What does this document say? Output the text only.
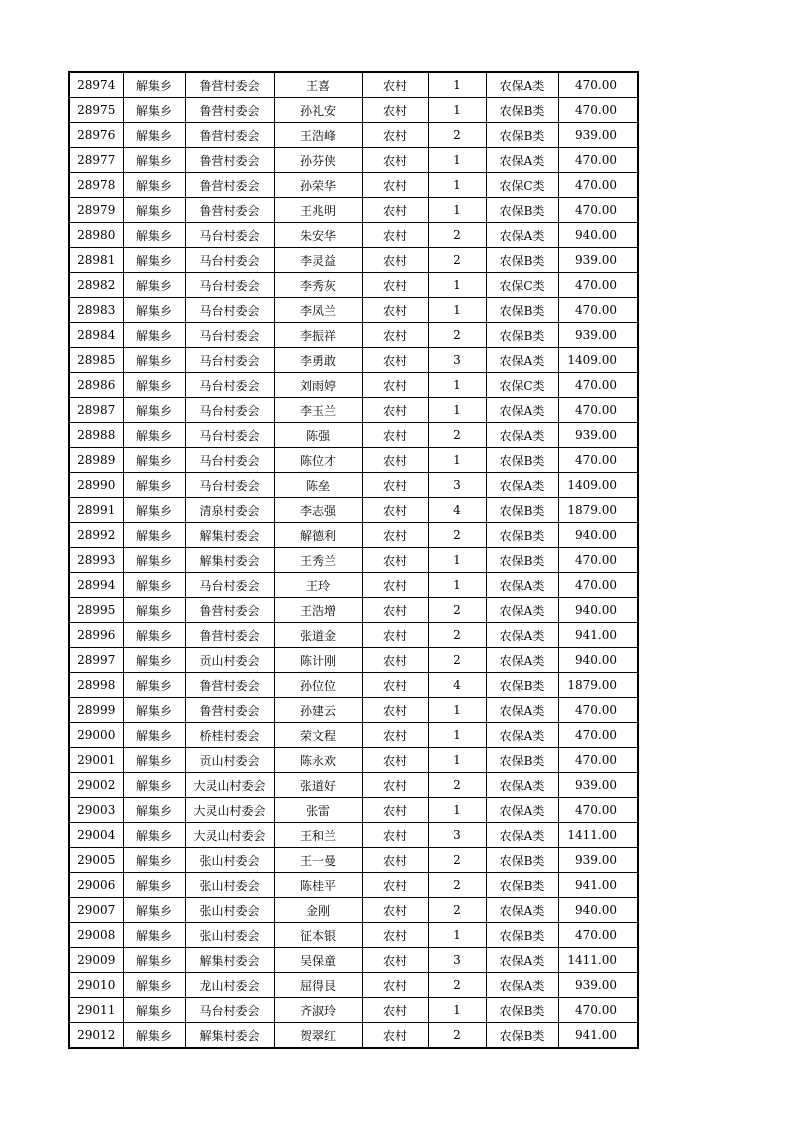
28974	解集乡	鲁营村委会	王喜	农村	1	农保A类	470.00
28975	解集乡	鲁营村委会	孙礼安	农村	1	农保B类	470.00
28976	解集乡	鲁营村委会	王浩峰	农村	2	农保B类	939.00
28977	解集乡	鲁营村委会	孙芬侠	农村	1	农保A类	470.00
28978	解集乡	鲁营村委会	孙荣华	农村	1	农保C类	470.00
28979	解集乡	鲁营村委会	王兆明	农村	1	农保B类	470.00
28980	解集乡	马台村委会	朱安华	农村	2	农保A类	940.00
28981	解集乡	马台村委会	李灵益	农村	2	农保B类	939.00
28982	解集乡	马台村委会	李秀灰	农村	1	农保C类	470.00
28983	解集乡	马台村委会	李凤兰	农村	1	农保B类	470.00
28984	解集乡	马台村委会	李振祥	农村	2	农保B类	939.00
28985	解集乡	马台村委会	李勇敢	农村	3	农保A类	1409.00
28986	解集乡	马台村委会	刘雨婷	农村	1	农保C类	470.00
28987	解集乡	马台村委会	李玉兰	农村	1	农保A类	470.00
28988	解集乡	马台村委会	陈强	农村	2	农保A类	939.00
28989	解集乡	马台村委会	陈位才	农村	1	农保B类	470.00
28990	解集乡	马台村委会	陈垒	农村	3	农保A类	1409.00
28991	解集乡	清泉村委会	李志强	农村	4	农保B类	1879.00
28992	解集乡	解集村委会	解德利	农村	2	农保B类	940.00
28993	解集乡	解集村委会	王秀兰	农村	1	农保B类	470.00
28994	解集乡	马台村委会	王玲	农村	1	农保A类	470.00
28995	解集乡	鲁营村委会	王浩增	农村	2	农保A类	940.00
28996	解集乡	鲁营村委会	张道金	农村	2	农保A类	941.00
28997	解集乡	贡山村委会	陈计刚	农村	2	农保A类	940.00
28998	解集乡	鲁营村委会	孙位位	农村	4	农保B类	1879.00
28999	解集乡	鲁营村委会	孙建云	农村	1	农保A类	470.00
29000	解集乡	桥桂村委会	荣文程	农村	1	农保A类	470.00
29001	解集乡	贡山村委会	陈永欢	农村	1	农保B类	470.00
29002	解集乡	大灵山村委会	张道好	农村	2	农保A类	939.00
29003	解集乡	大灵山村委会	张雷	农村	1	农保A类	470.00
29004	解集乡	大灵山村委会	王和兰	农村	3	农保A类	1411.00
29005	解集乡	张山村委会	王一曼	农村	2	农保B类	939.00
29006	解集乡	张山村委会	陈桂平	农村	2	农保B类	941.00
29007	解集乡	张山村委会	金刚	农村	2	农保A类	940.00
29008	解集乡	张山村委会	征本银	农村	1	农保B类	470.00
29009	解集乡	解集村委会	吴保童	农村	3	农保A类	1411.00
29010	解集乡	龙山村委会	屈得艮	农村	2	农保A类	939.00
29011	解集乡	马台村委会	齐淑玲	农村	1	农保B类	470.00
29012	解集乡	解集村委会	贺翠红	农村	2	农保B类	941.00
